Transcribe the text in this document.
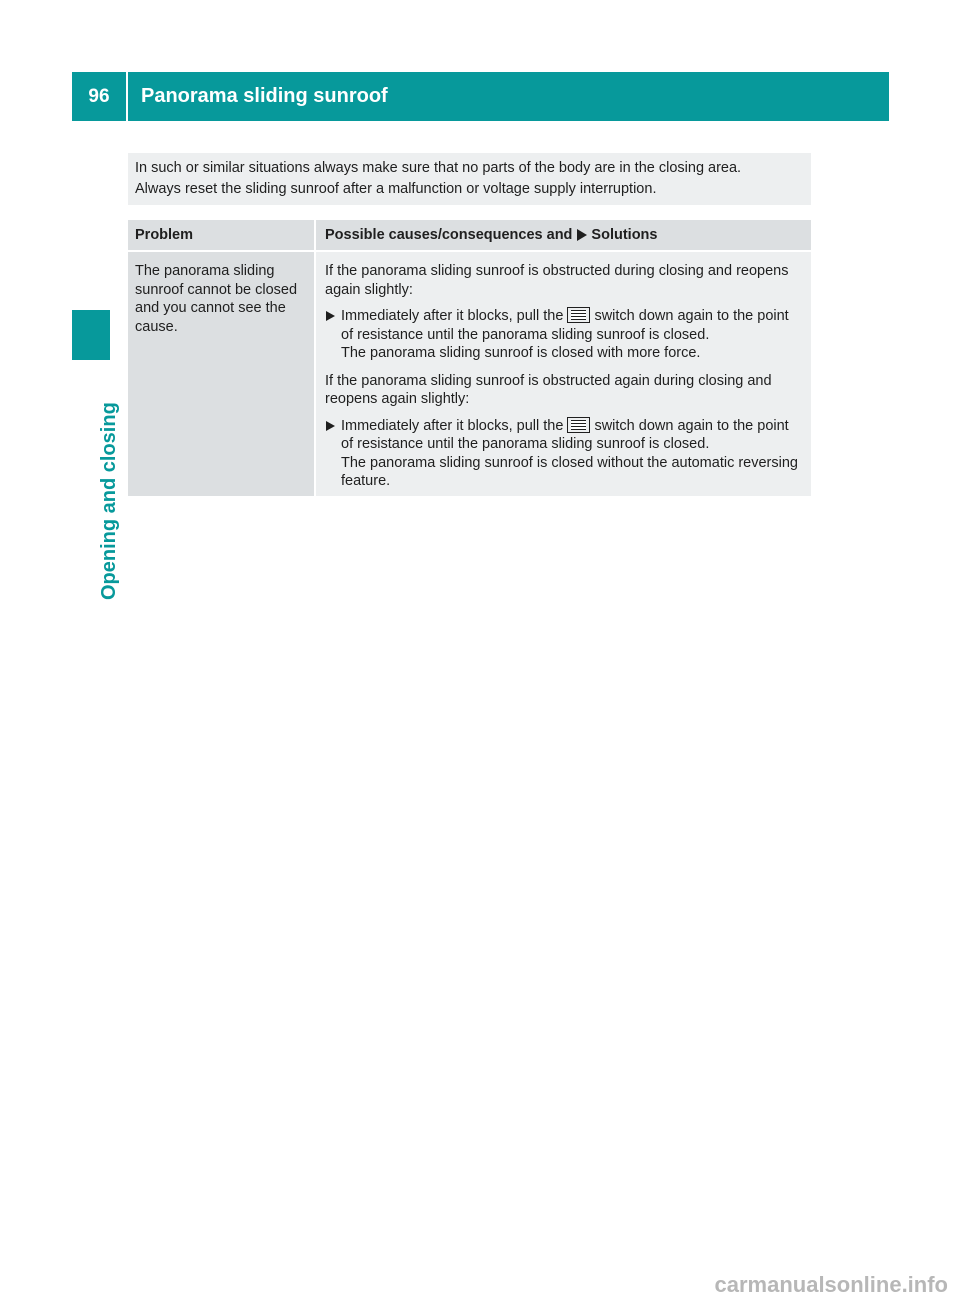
96	Panorama sliding sunroof
Opening and closing

In such or similar situations always make sure that no parts of the body are in the closing area.

Always reset the sliding sunroof after a malfunction or voltage supply interruption.

Problem	Possible causes/consequences and Solutions
The panorama sliding sunroof cannot be closed and you cannot see the cause.

If the panorama sliding sunroof is obstructed during closing and reopens again slightly:

Immediately after it blocks, pull the switch down again to the point of resistance until the panorama sliding sunroof is closed.
The panorama sliding sunroof is closed with more force.

If the panorama sliding sunroof is obstructed again during closing and reopens again slightly:

Immediately after it blocks, pull the switch down again to the point of resistance until the panorama sliding sunroof is closed.
The panorama sliding sunroof is closed without the automatic reversing feature.
carmanualsonline.info
